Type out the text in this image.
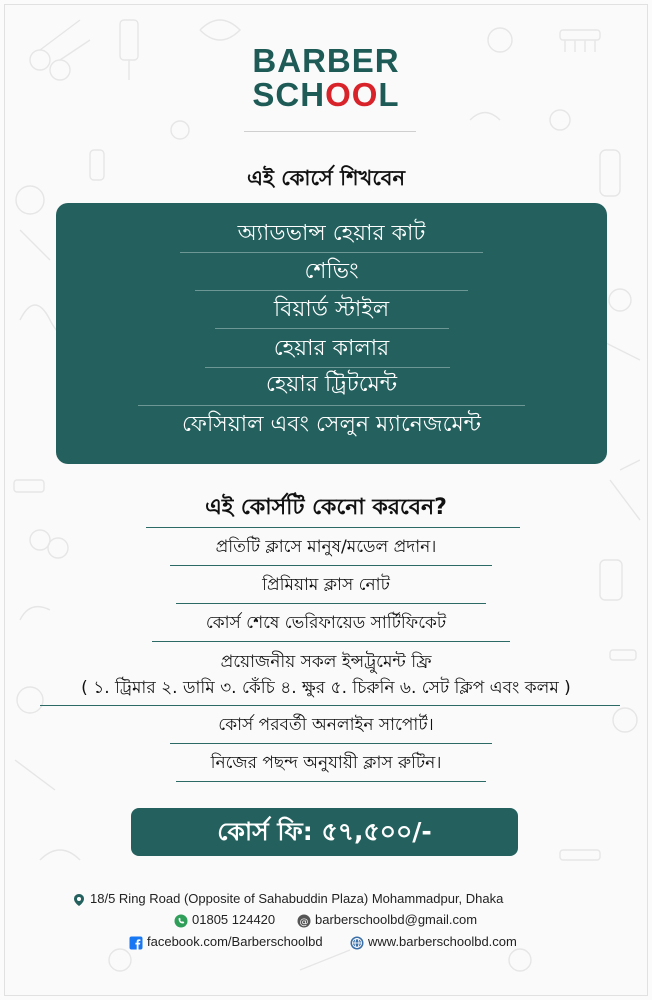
BARBER
SCHOOL
এই কোর্সে শিখবেন
অ্যাডভান্স হেয়ার কাট
শেভিং
বিয়ার্ড স্টাইল
হেয়ার কালার
হেয়ার ট্রিটমেন্ট
ফেসিয়াল এবং সেলুন ম্যানেজমেন্ট
এই কোর্সটি কেনো করবেন?
প্রতিটি ক্লাসে মানুষ/মডেল প্রদান।
প্রিমিয়াম ক্লাস নোট
কোর্স শেষে ভেরিফায়েড সার্টিফিকেট
প্রয়োজনীয় সকল ইন্সট্রুমেন্ট ফ্রি
( ১. ট্রিমার ২. ডামি ৩. কেঁচি ৪. ক্ষুর ৫. চিরুনি ৬. সেট ক্লিপ এবং কলম )
কোর্স পরবর্তী অনলাইন সাপোর্ট।
নিজের পছন্দ অনুযায়ী ক্লাস রুটিন।
কোর্স ফি: ৫৭,৫০০/-
18/5 Ring Road (Opposite of Sahabuddin Plaza) Mohammadpur, Dhaka
01805 124420	@ barberschoolbd@gmail.com
facebook.com/Barberschoolbd	www.barberschoolbd.com
